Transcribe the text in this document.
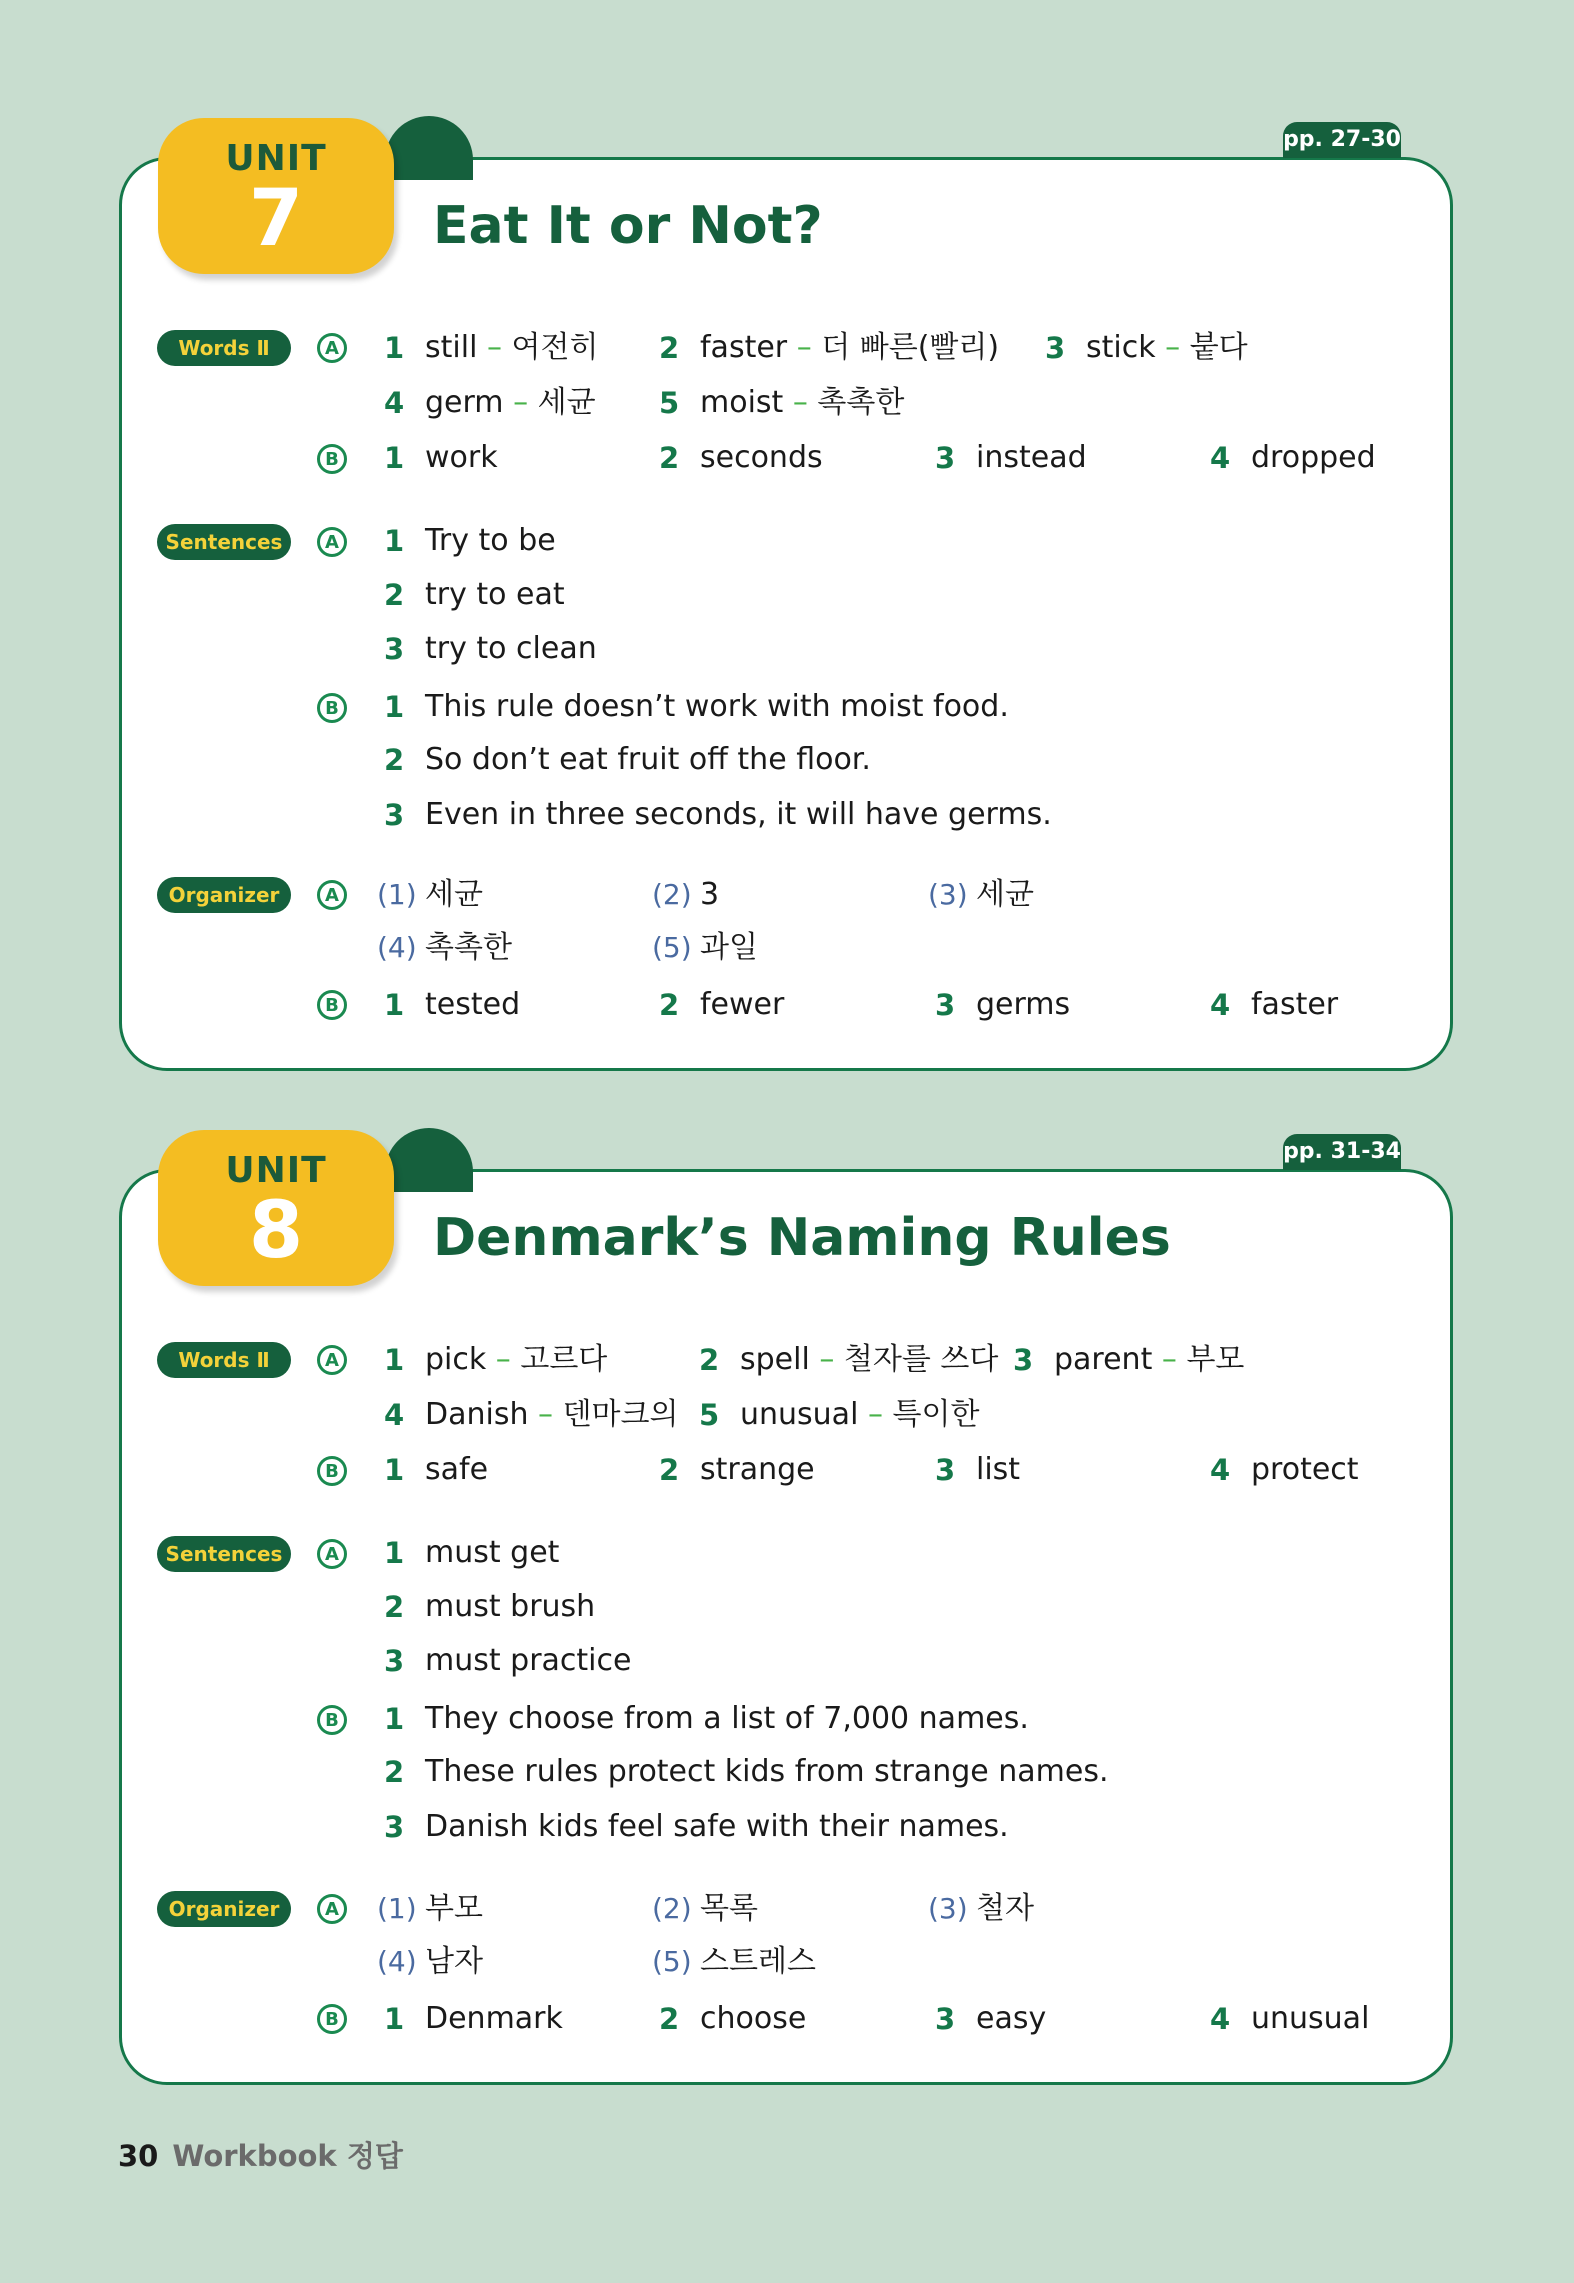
UNIT
7
pp. 27-30
Eat It or Not?
Words Ⅱ	A 1 still – 여전히 2 faster – 더 빠른(빨리) 3 stick – 붙다
4 germ – 세균 5 moist – 촉촉한
B 1 work	2 seconds	3 instead	4 dropped
Sentences	A 1 Try to be
2 try to eat
3 try to clean
B 1 This rule doesn’t work with moist food.
2 So don’t eat fruit off the floor.
3 Even in three seconds, it will have germs.
Organizer	A (1) 세균	(2) 3	(3) 세균
(4) 촉촉한	(5) 과일
B 1 tested	2 fewer	3 germs	4 faster
UNIT
8
pp. 31-34
Denmark’s Naming Rules
Words Ⅱ	A 1 pick – 고르다	2 spell – 철자를 쓰다 3 parent – 부모
4 Danish – 덴마크의 5 unusual – 특이한
B 1 safe	2 strange	3 list	4 protect
Sentences	A 1 must get
2 must brush
3 must practice
B 1 They choose from a list of 7,000 names.
2 These rules protect kids from strange names.
3 Danish kids feel safe with their names.
Organizer	A (1) 부모	(2) 목록	(3) 철자
(4) 남자	(5) 스트레스
B 1 Denmark	2 choose	3 easy	4 unusual
30 Workbook 정답
